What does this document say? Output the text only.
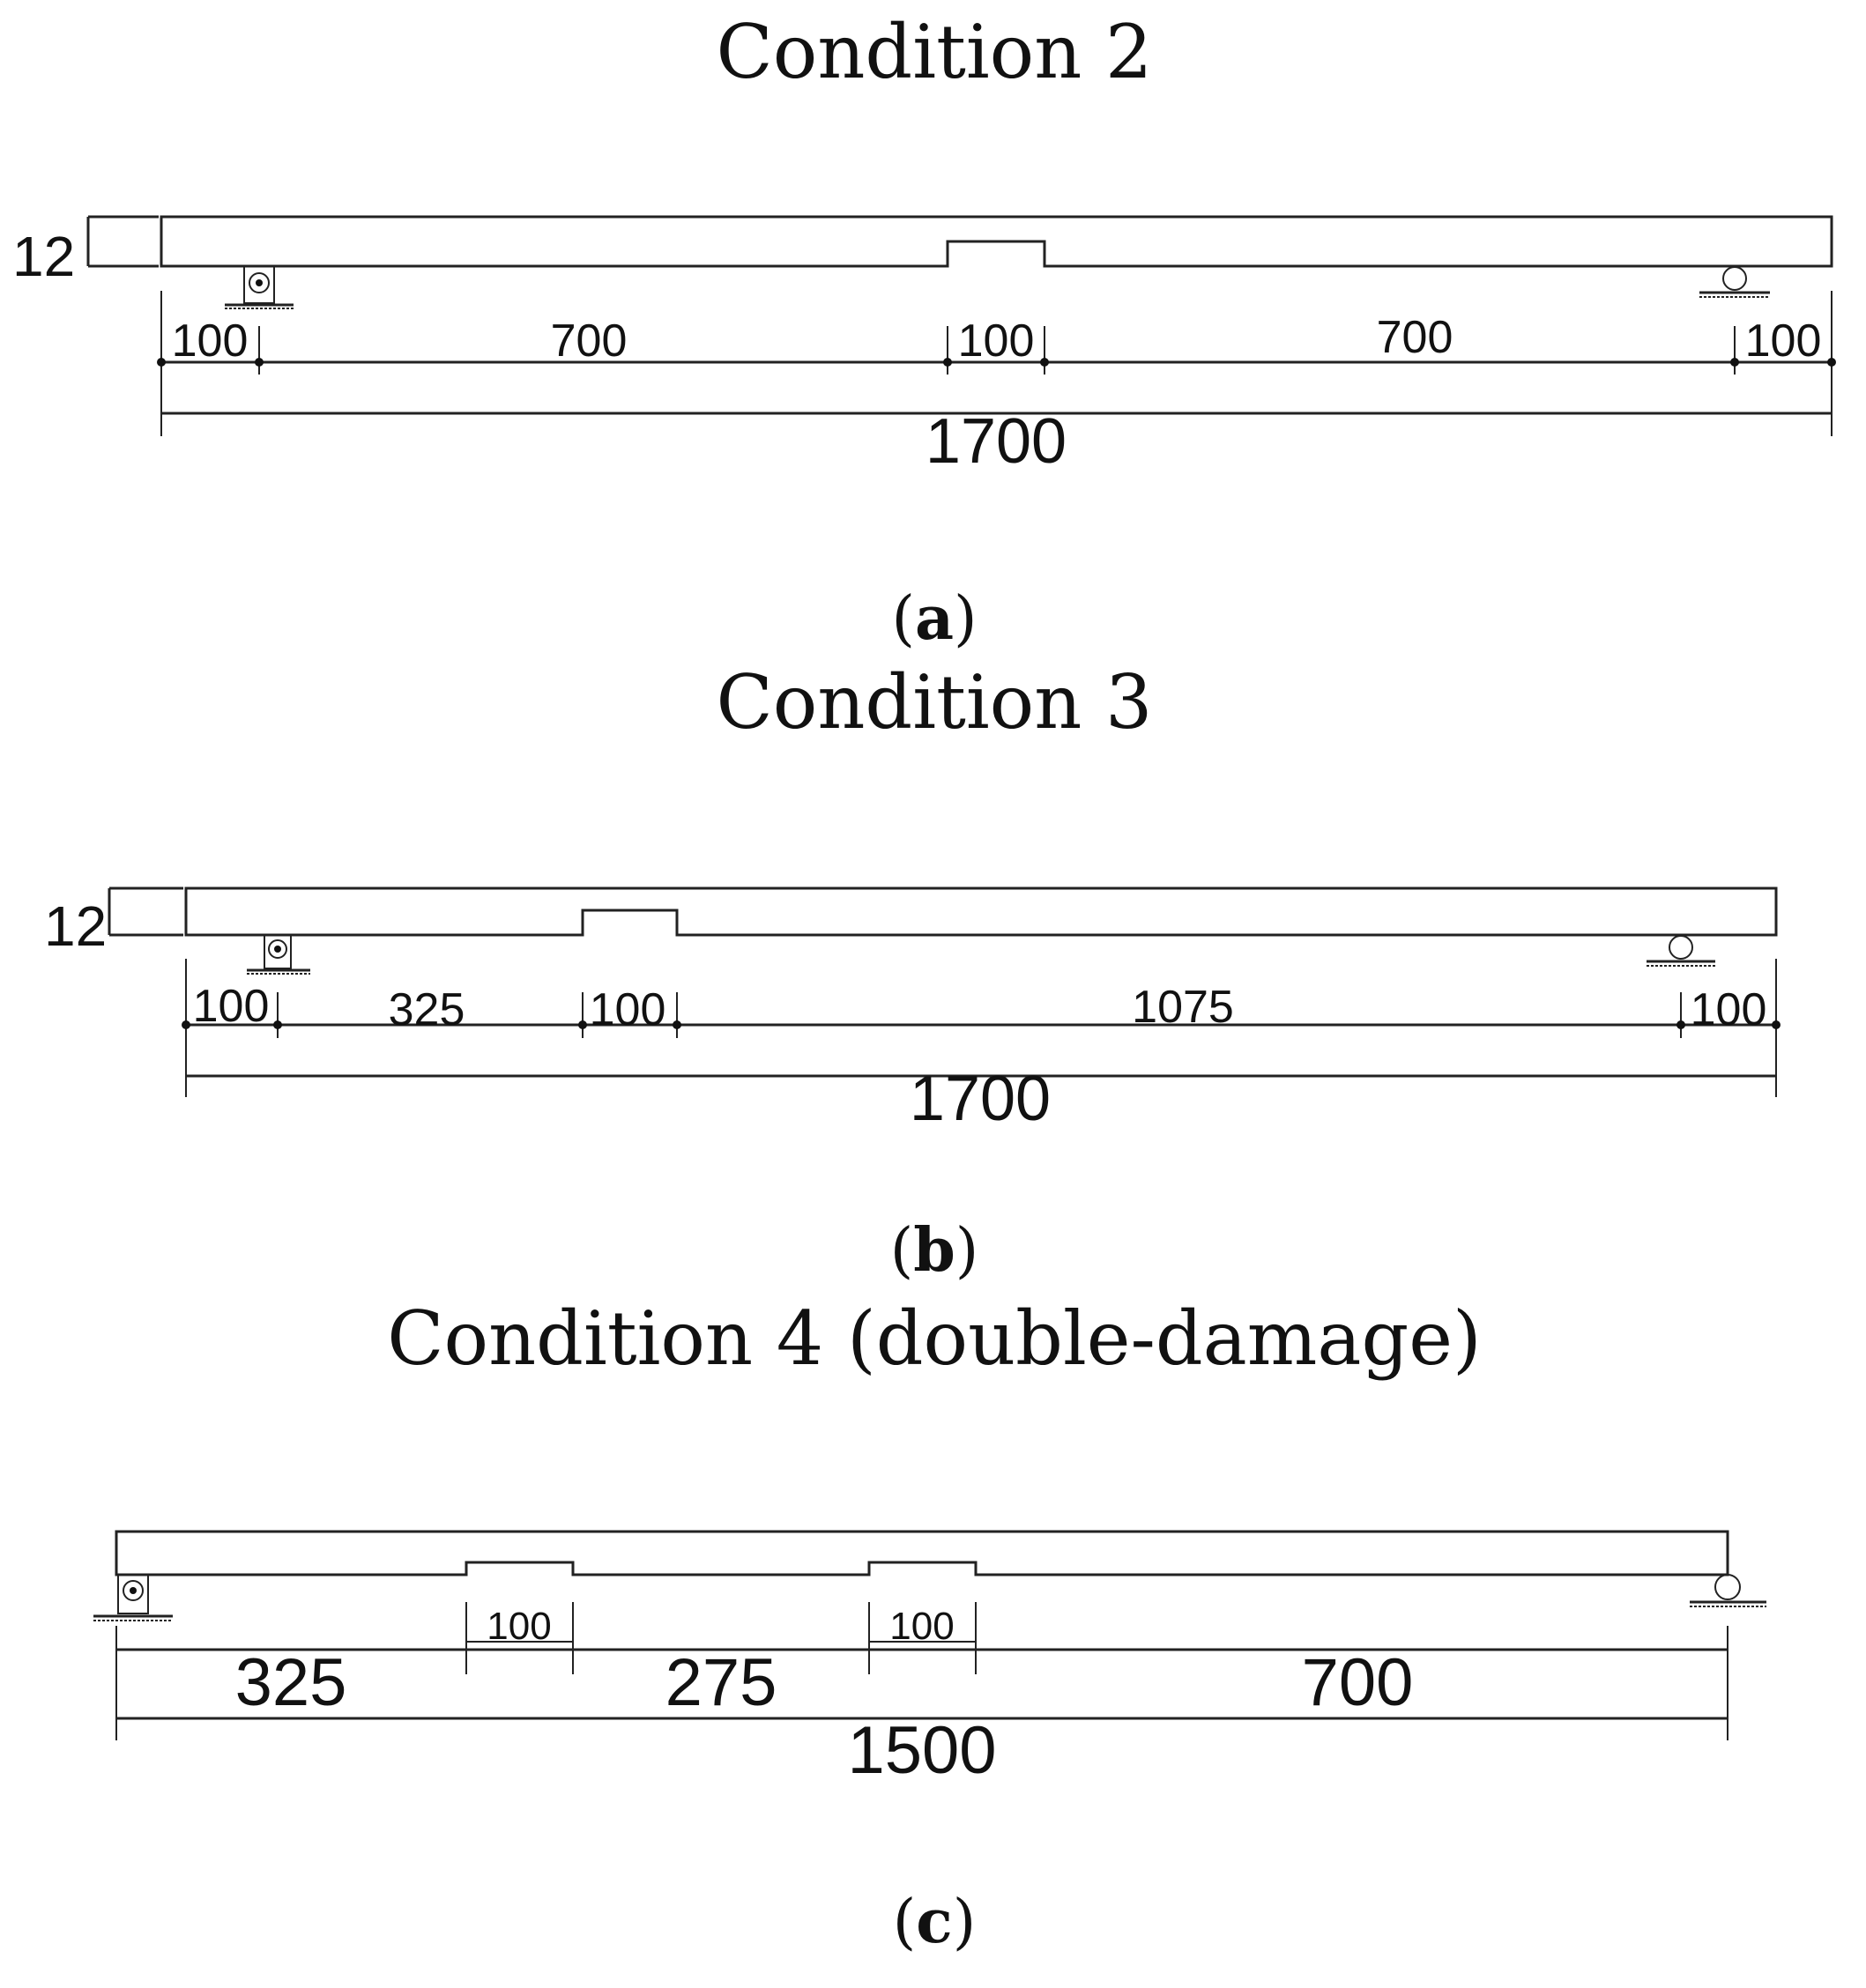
Condition 2
12
100	700	100	700	100
1700
(a)
Condition 3
12
100	325	100	1075	100
1700
(b)
Condition 4 (double-damage)
325
100
275
100
700
1500
(c)
